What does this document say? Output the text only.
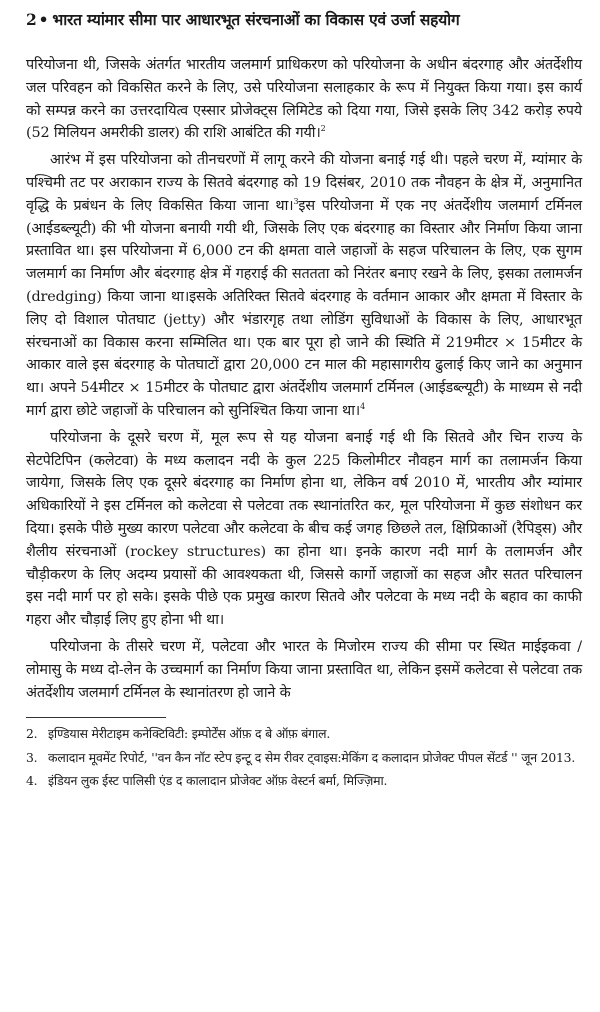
2 • भारत म्यांमार सीमा पार आधारभूत संरचनाओं का विकास एवं उर्जा सहयोग

परियोजना थी, जिसके अंतर्गत भारतीय जलमार्ग प्राधिकरण को परियोजना के अधीन बंदरगाह और अंतर्देशीय जल परिवहन को विकसित करने के लिए, उसे परियोजना सलाहकार के रूप में नियुक्त किया गया। इस कार्य को सम्पन्न करने का उत्तरदायित्व एस्सार प्रोजेक्ट्स लिमिटेड को दिया गया, जिसे इसके लिए 342 करोड़ रुपये (52 मिलियन अमरीकी डालर) की राशि आबंटित की गयी।$^2$

आरंभ में इस परियोजना को तीनचरणों में लागू करने की योजना बनाई गई थी। पहले चरण में, म्यांमार के पश्चिमी तट पर अराकान राज्य के सितवे बंदरगाह को 19 दिसंबर, 2010 तक नौवहन के क्षेत्र में, अनुमानित वृद्धि के प्रबंधन के लिए विकसित किया जाना था।$^3$इस परियोजना में एक नए अंतर्देशीय जलमार्ग टर्मिनल (आईडब्ल्यूटी) की भी योजना बनायी गयी थी, जिसके लिए एक बंदरगाह का विस्तार और निर्माण किया जाना प्रस्तावित था। इस परियोजना में 6,000 टन की क्षमता वाले जहाजों के सहज परिचालन के लिए, एक सुगम जलमार्ग का निर्माण और बंदरगाह क्षेत्र में गहराई की सततता को निरंतर बनाए रखने के लिए, इसका तलामर्जन (dredging) किया जाना था।इसके अतिरिक्त सितवे बंदरगाह के वर्तमान आकार और क्षमता में विस्तार के लिए दो विशाल पोतघाट (jetty) और भंडारगृह तथा लोडिंग सुविधाओं के विकास के लिए, आधारभूत संरचनाओं का विकास करना सम्मिलित था। एक बार पूरा हो जाने की स्थिति में 219मीटर × 15मीटर के आकार वाले इस बंदरगाह के पोतघाटों द्वारा 20,000 टन माल की महासागरीय ढुलाई किए जाने का अनुमान था। अपने 54मीटर × 15मीटर के पोतघाट द्वारा अंतर्देशीय जलमार्ग टर्मिनल (आईडब्ल्यूटी) के माध्यम से नदी मार्ग द्वारा छोटे जहाजों के परिचालन को सुनिश्चित किया जाना था।$^4$

परियोजना के दूसरे चरण में, मूल रूप से यह योजना बनाई गई थी कि सितवे और चिन राज्य के सेटपेटिपिन (कलेटवा) के मध्य कलादन नदी के कुल 225 किलोमीटर नौवहन मार्ग का तलामर्जन किया जायेगा, जिसके लिए एक दूसरे बंदरगाह का निर्माण होना था, लेकिन वर्ष 2010 में, भारतीय और म्यांमार अधिकारियों ने इस टर्मिनल को कलेटवा से पलेटवा तक स्थानांतरित कर, मूल परियोजना में कुछ संशोधन कर दिया। इसके पीछे मुख्य कारण पलेटवा और कलेटवा के बीच कई जगह छिछले तल, क्षिप्रिकाओं (रैपिड्स) और शैलीय संरचनाओं (rockey structures) का होना था। इनके कारण नदी मार्ग के तलामर्जन और चौड़ीकरण के लिए अदम्य प्रयासों की आवश्यकता थी, जिससे कार्गो जहाजों का सहज और सतत परिचालन इस नदी मार्ग पर हो सके। इसके पीछे एक प्रमुख कारण सितवे और पलेटवा के मध्य नदी के बहाव का काफी गहरा और चौड़ाई लिए हुए होना भी था।

परियोजना के तीसरे चरण में, पलेटवा और भारत के मिजोरम राज्य की सीमा पर स्थित माईइकवा / लोमासु के मध्य दो-लेन के उच्चमार्ग का निर्माण किया जाना प्रस्तावित था, लेकिन इसमें कलेटवा से पलेटवा तक अंतर्देशीय जलमार्ग टर्मिनल के स्थानांतरण हो जाने के

2. इण्डियास मेरीटाइम कनेक्टिविटी: इम्पोर्टेंस ऑफ़ द बे ऑफ़ बंगाल.
3. कलादान मूवमेंट रिपोर्ट, ''वन कैन नॉट स्टेप इन्टू द सेम रीवर ट्वाइस:मेकिंग द कलादान प्रोजेक्ट पीपल सेंटर्ड '' जून 2013.
4. इंडियन लुक ईस्ट पालिसी एंड द कालादान प्रोजेक्ट ऑफ़ वेस्टर्न बर्मा, मिज्ज़िमा.
